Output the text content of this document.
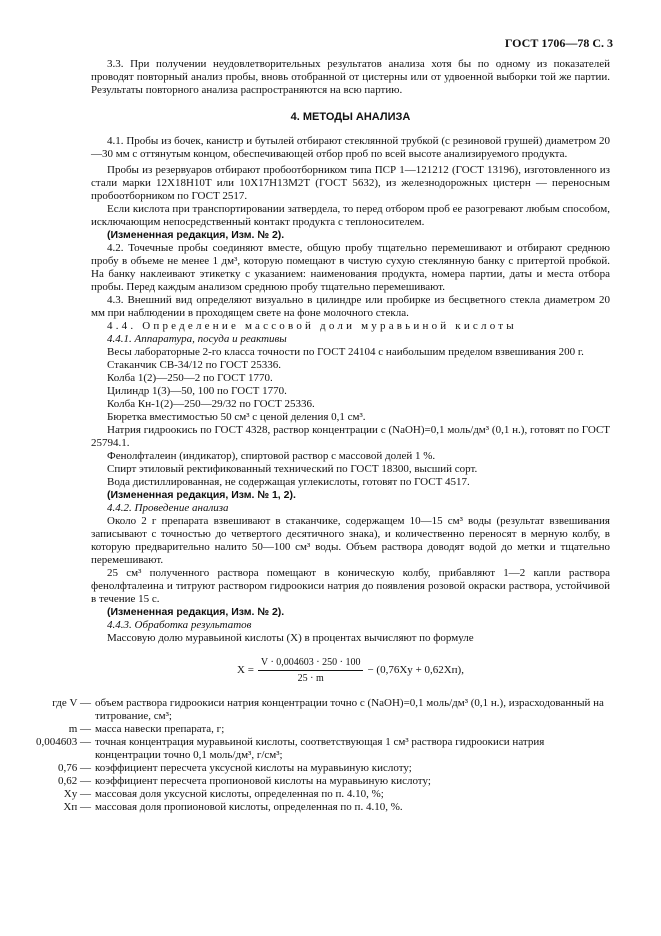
ГОСТ 1706—78 С. 3

3.3. При получении неудовлетворительных результатов анализа хотя бы по одному из показателей проводят повторный анализ пробы, вновь отобранной от цистерны или от удвоенной выборки той же партии. Результаты повторного анализа распространяются на всю партию.

4. МЕТОДЫ АНАЛИЗА

4.1. Пробы из бочек, канистр и бутылей отбирают стеклянной трубкой (с резиновой грушей) диаметром 20—30 мм с оттянутым концом, обеспечивающей отбор проб по всей высоте анализируемого продукта.

Пробы из резервуаров отбирают пробоотборником типа ПСР 1—121212 (ГОСТ 13196), изготовленного из стали марки 12Х18Н10Т или 10Х17Н13М2Т (ГОСТ 5632), из железнодорожных цистерн — переносным пробоотборником по ГОСТ 2517.

Если кислота при транспортировании затвердела, то перед отбором проб ее разогревают любым способом, исключающим непосредственный контакт продукта с теплоносителем.

(Измененная редакция, Изм. № 2).

4.2. Точечные пробы соединяют вместе, общую пробу тщательно перемешивают и отбирают среднюю пробу в объеме не менее 1 дм³, которую помещают в чистую сухую стеклянную банку с притертой пробкой. На банку наклеивают этикетку с указанием: наименования продукта, номера партии, даты и места отбора пробы. Перед каждым анализом среднюю пробу тщательно перемешивают.

4.3. Внешний вид определяют визуально в цилиндре или пробирке из бесцветного стекла диаметром 20 мм при наблюдении в проходящем свете на фоне молочного стекла.

4.4. Определение массовой доли муравьиной кислоты

4.4.1. Аппаратура, посуда и реактивы

Весы лабораторные 2-го класса точности по ГОСТ 24104 с наибольшим пределом взвешивания 200 г.

Стаканчик СВ-34/12 по ГОСТ 25336.

Колба 1(2)—250—2 по ГОСТ 1770.

Цилиндр 1(3)—50, 100 по ГОСТ 1770.

Колба Кн-1(2)—250—29/32 по ГОСТ 25336.

Бюретка вместимостью 50 см³ с ценой деления 0,1 см³.

Натрия гидроокись по ГОСТ 4328, раствор концентрации c (NaOH)=0,1 моль/дм³ (0,1 н.), готовят по ГОСТ 25794.1.

Фенолфталеин (индикатор), спиртовой раствор с массовой долей 1 %.

Спирт этиловый ректификованный технический по ГОСТ 18300, высший сорт.

Вода дистиллированная, не содержащая углекислоты, готовят по ГОСТ 4517.

(Измененная редакция, Изм. № 1, 2).

4.4.2. Проведение анализа

Около 2 г препарата взвешивают в стаканчике, содержащем 10—15 см³ воды (результат взвешивания записывают с точностью до четвертого десятичного знака), и количественно переносят в мерную колбу, в которую предварительно налито 50—100 см³ воды. Объем раствора доводят водой до метки и тщательно перемешивают.

25 см³ полученного раствора помещают в коническую колбу, прибавляют 1—2 капли раствора фенолфталеина и титруют раствором гидроокиси натрия до появления розовой окраски раствора, устойчивой в течение 15 с.

(Измененная редакция, Изм. № 2).

4.4.3. Обработка результатов

Массовую долю муравьиной кислоты (X) в процентах вычисляют по формуле

$X = \frac{V \cdot 0,004603 \cdot 250 \cdot 100}{25 \cdot m} - (0,76Xу + 0,62Xп)$,
где V — объем раствора гидроокиси натрия концентрации точно c (NaOH)=0,1 моль/дм³ (0,1 н.), израсходованный на титрование, см³;
m — масса навески препарата, г;
0,004603 — точная концентрация муравьиной кислоты, соответствующая 1 см³ раствора гидроокиси натрия концентрации точно 0,1 моль/дм³, г/см³;
0,76 — коэффициент пересчета уксусной кислоты на муравьиную кислоту;
0,62 — коэффициент пересчета пропионовой кислоты на муравьиную кислоту;
Xу — массовая доля уксусной кислоты, определенная по п. 4.10, %;
Xп — массовая доля пропионовой кислоты, определенная по п. 4.10, %.
